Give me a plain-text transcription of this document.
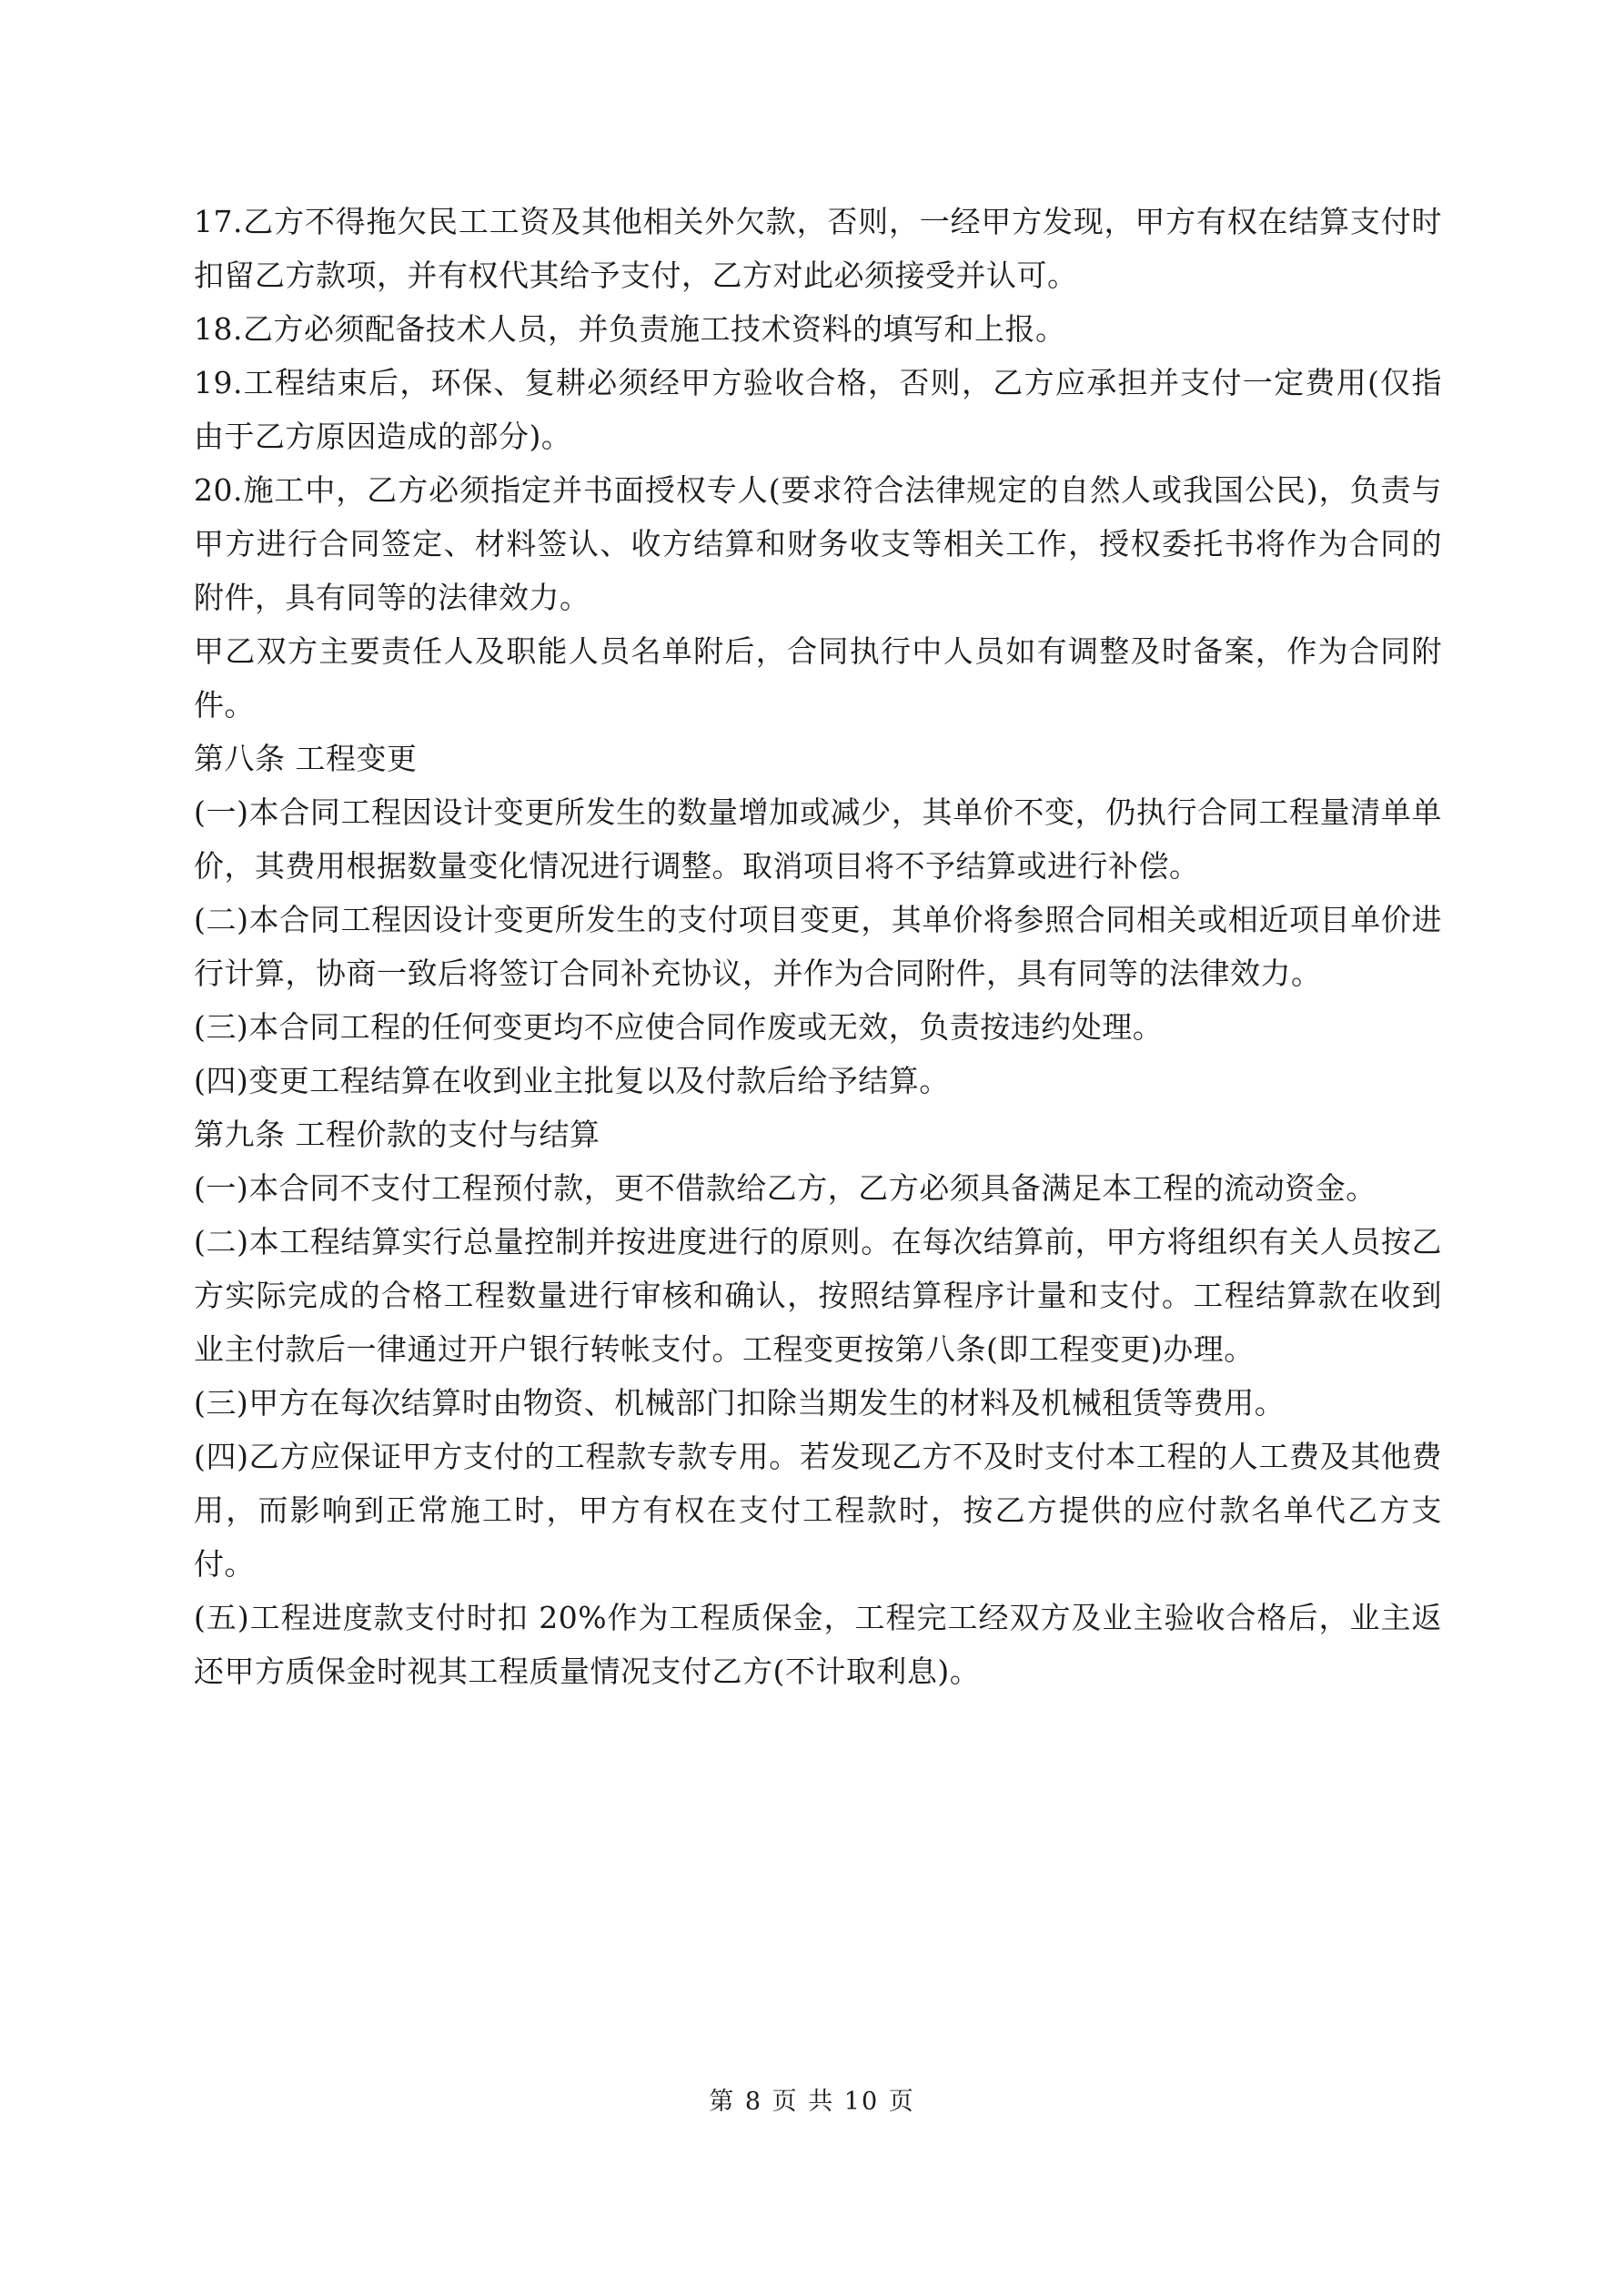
17.乙方不得拖欠民工工资及其他相关外欠款，否则，一经甲方发现，甲方有权在结算支付时扣留乙方款项，并有权代其给予支付，乙方对此必须接受并认可。

18.乙方必须配备技术人员，并负责施工技术资料的填写和上报。

19.工程结束后，环保、复耕必须经甲方验收合格，否则，乙方应承担并支付一定费用(仅指由于乙方原因造成的部分)。

20.施工中，乙方必须指定并书面授权专人(要求符合法律规定的自然人或我国公民)，负责与甲方进行合同签定、材料签认、收方结算和财务收支等相关工作，授权委托书将作为合同的附件，具有同等的法律效力。

甲乙双方主要责任人及职能人员名单附后，合同执行中人员如有调整及时备案，作为合同附件。

第八条 工程变更

(一)本合同工程因设计变更所发生的数量增加或减少，其单价不变，仍执行合同工程量清单单价，其费用根据数量变化情况进行调整。取消项目将不予结算或进行补偿。

(二)本合同工程因设计变更所发生的支付项目变更，其单价将参照合同相关或相近项目单价进行计算，协商一致后将签订合同补充协议，并作为合同附件，具有同等的法律效力。

(三)本合同工程的任何变更均不应使合同作废或无效，负责按违约处理。

(四)变更工程结算在收到业主批复以及付款后给予结算。

第九条 工程价款的支付与结算

(一)本合同不支付工程预付款，更不借款给乙方，乙方必须具备满足本工程的流动资金。

(二)本工程结算实行总量控制并按进度进行的原则。在每次结算前，甲方将组织有关人员按乙方实际完成的合格工程数量进行审核和确认，按照结算程序计量和支付。工程结算款在收到业主付款后一律通过开户银行转帐支付。工程变更按第八条(即工程变更)办理。

(三)甲方在每次结算时由物资、机械部门扣除当期发生的材料及机械租赁等费用。

(四)乙方应保证甲方支付的工程款专款专用。若发现乙方不及时支付本工程的人工费及其他费用，而影响到正常施工时，甲方有权在支付工程款时，按乙方提供的应付款名单代乙方支付。

(五)工程进度款支付时扣 20%作为工程质保金，工程完工经双方及业主验收合格后，业主返还甲方质保金时视其工程质量情况支付乙方(不计取利息)。

第 8 页 共 10 页
